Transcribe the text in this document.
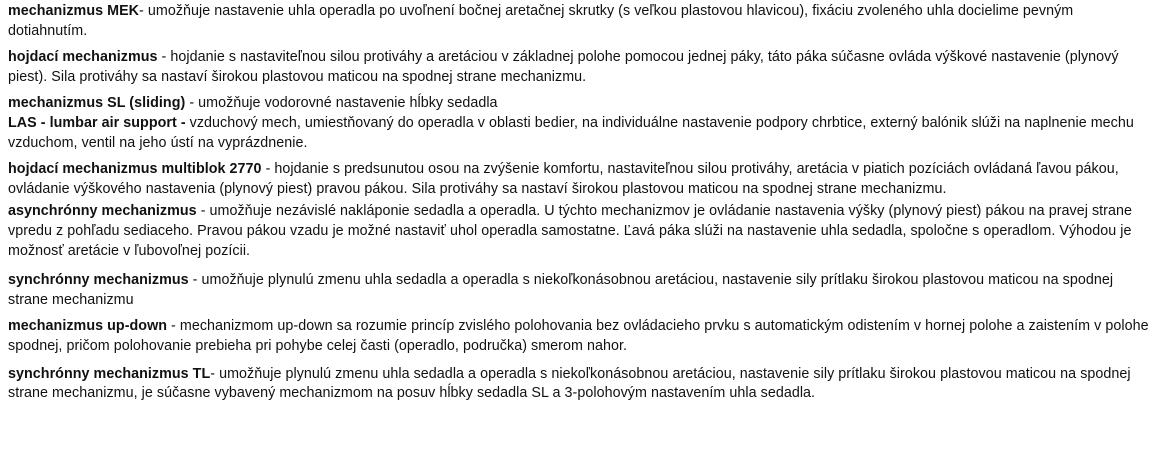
mechanizmus MEK- umožňuje nastavenie uhla operadla po uvoľnení bočnej aretačnej skrutky (s veľkou plastovou hlavicou), fixáciu zvoleného uhla docielime pevným dotiahnutím.

hojdací mechanizmus - hojdanie s nastaviteľnou silou protiváhy a aretáciou v základnej polohe pomocou jednej páky, táto páka súčasne ovláda výškové nastavenie (plynový piest). Sila protiváhy sa nastaví širokou plastovou maticou na spodnej strane mechanizmu.

mechanizmus SL (sliding) - umožňuje vodorovné nastavenie hĺbky sedadla

LAS - lumbar air support - vzduchový mech, umiestňovaný do operadla v oblasti bedier, na individuálne nastavenie podpory chrbtice, externý balónik slúži na naplnenie mechu vzduchom, ventil na jeho ústí na vyprázdnenie.

hojdací mechanizmus multiblok 2770 - hojdanie s predsunutou osou na zvýšenie komfortu, nastaviteľnou silou protiváhy, aretácia v piatich pozíciách ovládaná ľavou pákou, ovládanie výškového nastavenia (plynový piest) pravou pákou. Sila protiváhy sa nastaví širokou plastovou maticou na spodnej strane mechanizmu.

asynchrónny mechanizmus - umožňuje nezávislé nakláponie sedadla a operadla. U týchto mechanizmov je ovládanie nastavenia výšky (plynový piest) pákou na pravej strane vpredu z pohľadu sediaceho. Pravou pákou vzadu je možné nastaviť uhol operadla samostatne. Ľavá páka slúži na nastavenie uhla sedadla, spoločne s operadlom. Výhodou je možnosť aretácie v ľubovoľnej pozícii.

synchrónny mechanizmus - umožňuje plynulú zmenu uhla sedadla a operadla s niekoľkonásobnou aretáciou, nastavenie sily prítlaku širokou plastovou maticou na spodnej strane mechanizmu

mechanizmus up-down - mechanizmom up-down sa rozumie princíp zvislého polohovania bez ovládacieho prvku s automatickým odistením v hornej polohe a zaistením v polohe spodnej, pričom polohovanie prebieha pri pohybe celej časti (operadlo, područka) smerom nahor.

synchrónny mechanizmus TL- umožňuje plynulú zmenu uhla sedadla a operadla s niekoľkonásobnou aretáciou, nastavenie sily prítlaku širokou plastovou maticou na spodnej strane mechanizmu, je súčasne vybavený mechanizmom na posuv hĺbky sedadla SL a 3-polohovým nastavením uhla sedadla.
